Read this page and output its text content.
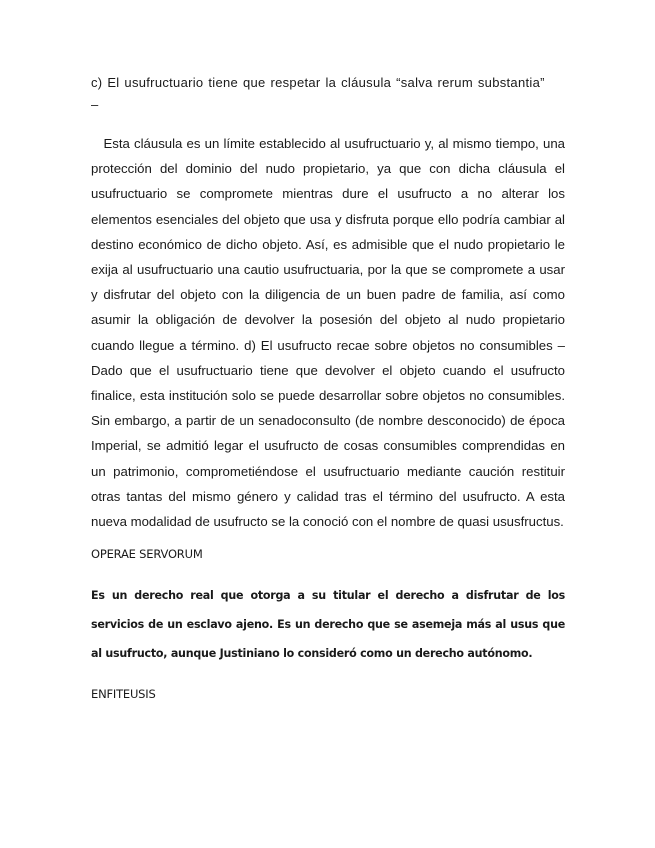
c) El usufructuario tiene que respetar la cláusula “salva rerum substantia”

–

Esta cláusula es un límite establecido al usufructuario y, al mismo tiempo, una protección del dominio del nudo propietario, ya que con dicha cláusula el usufructuario se compromete mientras dure el usufructo a no alterar los elementos esenciales del objeto que usa y disfruta porque ello podría cambiar al destino económico de dicho objeto. Así, es admisible que el nudo propietario le exija al usufructuario una cautio usufructuaria, por la que se compromete a usar y disfrutar del objeto con la diligencia de un buen padre de familia, así como asumir la obligación de devolver la posesión del objeto al nudo propietario cuando llegue a término. d) El usufructo recae sobre objetos no consumibles – Dado que el usufructuario tiene que devolver el objeto cuando el usufructo finalice, esta institución solo se puede desarrollar sobre objetos no consumibles. Sin embargo, a partir de un senadoconsulto (de nombre desconocido) de época Imperial, se admitió legar el usufructo de cosas consumibles comprendidas en un patrimonio, comprometiéndose el usufructuario mediante caución restituir otras tantas del mismo género y calidad tras el término del usufructo. A esta nueva modalidad de usufructo se la conoció con el nombre de quasi ususfructus.

OPERAE SERVORUM

Es un derecho real que otorga a su titular el derecho a disfrutar de los servicios de un esclavo ajeno. Es un derecho que se asemeja más al usus que al usufructo, aunque Justiniano lo consideró como un derecho autónomo.

ENFITEUSIS
